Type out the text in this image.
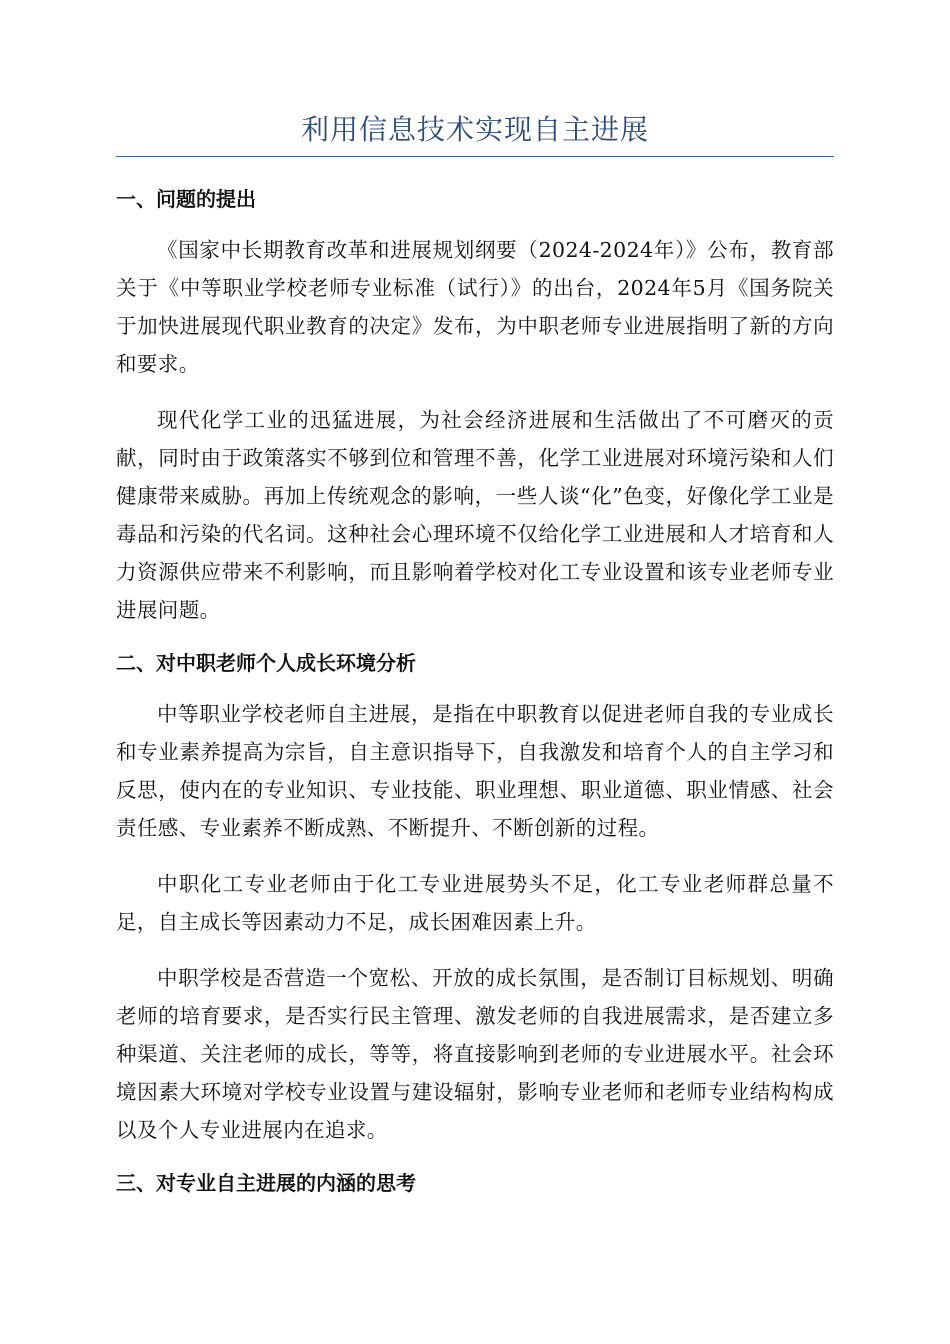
利用信息技术实现自主进展
一、问题的提出

《国家中长期教育改革和进展规划纲要（2024-2024年）》公布，教育部关于《中等职业学校老师专业标准（试行）》的出台，2024年5月《国务院关于加快进展现代职业教育的决定》发布，为中职老师专业进展指明了新的方向和要求。

现代化学工业的迅猛进展，为社会经济进展和生活做出了不可磨灭的贡献，同时由于政策落实不够到位和管理不善，化学工业进展对环境污染和人们健康带来威胁。再加上传统观念的影响，一些人谈“化”色变，好像化学工业是毒品和污染的代名词。这种社会心理环境不仅给化学工业进展和人才培育和人力资源供应带来不利影响，而且影响着学校对化工专业设置和该专业老师专业进展问题。

二、对中职老师个人成长环境分析

中等职业学校老师自主进展，是指在中职教育以促进老师自我的专业成长和专业素养提高为宗旨，自主意识指导下，自我激发和培育个人的自主学习和反思，使内在的专业知识、专业技能、职业理想、职业道德、职业情感、社会责任感、专业素养不断成熟、不断提升、不断创新的过程。

中职化工专业老师由于化工专业进展势头不足，化工专业老师群总量不足，自主成长等因素动力不足，成长困难因素上升。

中职学校是否营造一个宽松、开放的成长氛围，是否制订目标规划、明确老师的培育要求，是否实行民主管理、激发老师的自我进展需求，是否建立多种渠道、关注老师的成长，等等，将直接影响到老师的专业进展水平。社会环境因素大环境对学校专业设置与建设辐射，影响专业老师和老师专业结构构成以及个人专业进展内在追求。

三、对专业自主进展的内涵的思考
